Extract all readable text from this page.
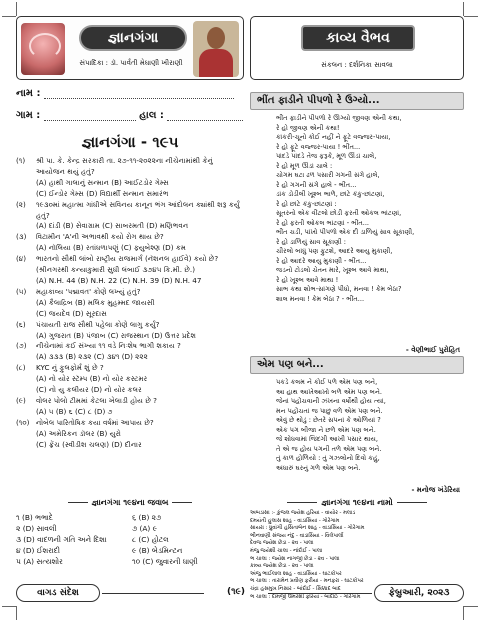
જ્ઞાનગંગા
સંપાદિકા : ડૉ. પાર્વતી મેઘાણી ખીરાણી
નામ :
ગામ :	હાલ :
જ્ઞાનગંગા - ૧૯૫
(૧)	શ્રી પા. કે. કેન્દ્ર સરકારી તા. ૨૭-૧૧-૨૦૨૨ના નીચેનામાંથી કેનું આયોજન થયું હતું?
(A) હાથી ગાલાનું સન્માન (B) આઈટડોર ગેમ્સ
(C) ઈન્ડોર ગેમ્સ (D) વિદ્યાર્થી સન્માન સમારંભ
(૨)	૧૯૩૦માં મહાત્મા ગાંધીએ સવિનય કાનૂન ભંગ આંદોલન ક્યાંથી શરૂ કર્યું હતું?
(A) દાંડી (B) સેવાગ્રામ (C) સાબરમતી (D) મણિભવન
(૩)	વિટામીન 'A'ની અભાવથી કયો રોગ થાય છે?
(A) નૉલિયા (B) રતાંધળાપણું (C) ફ્યુબેશ્ણ (D) કમ
(૪)	ભારતનો સૌથી લાંબો રાષ્ટ્રીય રાજમાર્ગ (નૅશનલ હાઈવે) કયો છે? (શ્રીનગરથી કન્યાકુમારી સુધી લંબાઈ ૩૭૪૫ કિ.મી. છે.)
(A) N.H. 44 (B) N.H. 22 (C) N.H. 39 (D) N.H. 47
(૫)	મહાકાવ્ય 'પદ્માવત' કોણે લખ્યું હતું?
(A) કૈલાદ્રિબ (B) મલિક મુહમ્મદ જાયસી
(C) જયદેવ (D) સૂરદાસ
(૬)	પંચાયતી રાજ સૌથી પહેલા કોણે લાગુ કર્યું?
(A) ગુજરાત (B) પંજાબ (C) રાજસ્થાન (D) ઉત્તર પ્રદેશ
(૭)	નીચેનામાં કઈ સંખ્યા ૧૧ વડે નિઃશેષ ભાગી શકાય ?
(A) ૩૩૩ (B) ૨૩૨ (C) ૩૪૧ (D) ૨૨૨
(૮)	KYC નું ફુલફોર્મ શું છે ?
(A) નો યોર સ્ટૅમ્પ (B) નો યોર કસ્ટમર
(C) નો યુ કલીયર (D) નો યોર કલર
(૯)	વોલર પોલો ટીમમાં કેટલા ખેલાડી હોય છે ?
(A) ૫ (B) ૬ (C) ૮ (D) ૭
(૧૦) નોબેલ પારિતોષિક કયા વર્ષમાં આપાય છે?
(A) અમેરિકન ડૉલર (B) યુરો
(C) ફ્રેંચ (સ્વીડીશ ચલણ) (D) દીનાર
જ્ઞાનગંગા ૧૯૪ના જવાબ
૧ (B) ભભાદે	૬ (B) ૨૭
૨ (D) સાવલી	૭ (A) ૯
૩ (D) વાદળની ગતિ અને દિશા	૮ (C) હોટલ
૪ (D) ઈશરાદી	૯ (B) બેડમિન્ટન
૫ (A) સત્યશોર	૧૦ (C) જુવારની ધાણી
કાવ્ય વૈભવ
સંકલન : દર્શનિકા સાવલા
ભીંત ફાડીને પીપળો રે ઉગ્યો...
ભીંત ફાડીને પીપળો રે ઊગ્યો જીવણ એની કથા,
રે હો જીવણ એની કથા!
કાંકરી-ચૂનો કોઈ નહીં ને ફૂટે વજ્જર-પાયા,
રે હો ફૂટે વજ્જર-પાયા ! ભીંત...
પાંદડે પાંદડે તેજ ફરૂકે, મૂળ ઊંડાં ચાલે,
રે હો મૂળ ઊંડાં ચાલે :
ચોગમ ઘટા ઢળ પસારી ગગની સંગે હાલે,
રે હો ગગની સંગે હાલે - ભીંત...
ડાંક ડોડીલી ખૂશ્બ ભાળે, છાંટે કંકુ-છાંટણાં,
રે હો છાંટે કંકુ-છાંટણાં :
સૂતરનો એક વીંટલો છોડી ફરતી ઓકલ ભાંટણાં,
રે હો ફરતી ઓકલ ભાંટણાં - ભીંત...
ભીંત ચડી, પાંખો પીપળો એક દી ડાળિયું સાવ સૂકાણી,
રે હો ડાળિયું સાવ સૂકાણી :
ચીરલો બાંધું પણ ફુટશે, આદરે આયુ મુકાણી,
રે હો આદરે આયુ મુકાણી - ભીંત...
જડનો ટોડલો ચેતન મારે, ખૂશ્બ આવે માથા,
રે હો ખૂશ્બ આવે માથા !
સાભ કથા શોભ-સાંગણે પીધો, મનવા ! કેમ બેઠા?
શાલ મનવા ! કેમ બેઠા ? - ભીંત...
- વેણીભાઈ પુરોહિત
એમ પણ બને...
પકડે કલમ ને કોઈ પળે એમ પણ બને,
આ હાથ આખેઆખો બળે એમ પણ બને.
જેનાં પહોંચવાની ઝંખના વર્ષોથી હોય ત્યાં,
મન પહોંચતાં જ પાછું વળે એમ પણ બને.
એવું છે થોડું : છેતરે સપનાં કે ઓળિયાં ?
એક પગ બીજા ને છળે એમ પણ બને.
જે શોધવામાં જિંદગી આખી પસાર થાય,
તે એ જ હોય પગની તળે એમ પણ બને.
તું કાળ હોળિયો : તું ગઝલોનો દિવો કહું,
અંધારું ઘરનું ગળે એમ પણ બને.
- મનોજ ખંડેરિયા
જ્ઞાનગંગા ૧૯૪ના નામો
અબડાસા :- કુંજલ જયેશ હરિયા - વાયોર - મલાડ
દમયંતી હુલાસ શાહ - વાડાસિયા - ગોરેગામ
સાયરા : ધ્રુવાંગી હસિતાબેન શાહ - વાડાસિયા - ગોરેગામ
ભીનવાણી સંજય નંદુ - વાડાસિયા - વિલેપાર્લા
દેવજ જયેશ છેડા - ૨વ - પાલા
મંજુ જયેશી ચાલા - નાંદોઈ - પાલા
ભ ચાલા : જયેશ નાગજી છેડા - ૨વ - પાલા
કાવ્ય જયેશ છેડા - ૨વ - પાલા
અંજુ ભાઈલાલ શાહ - વાડાસિયા - ઘાટકોપર
ભ ચાલા : તારામેન પ્રવીણ ફરીયા - મનફરા - ઘાટકોપર
ચંદ્રા હસમુખ નિસાર - બાંદોઈ - સિક્કાદ બાદ
ભ ચાલા : દામજી ઉમરશી ફરિયા - બાંદોઈ - ગોરેગામ
વાગડ સંદેશ	(૧૯)	ફેબ્રુઆરી, ૨૦૨૩
